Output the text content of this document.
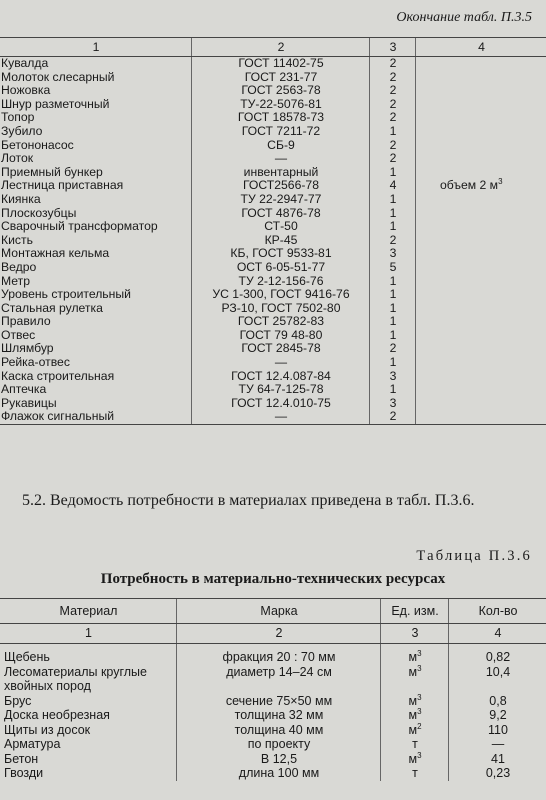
Окончание табл. П.3.5
1	2	3	4
Кувалда	ГОСТ 11402-75	2	
Молоток слесарный	ГОСТ 231-77	2	
Ножовка	ГОСТ 2563-78	2	
Шнур разметочный	ТУ-22-5076-81	2	
Топор	ГОСТ 18578-73	2	
Зубило	ГОСТ 7211-72	1	
Бетононасос	СБ-9	2	
Лоток	—	2	
Приемный бункер	инвентарный	1	
Лестница приставная	ГОСТ2566-78	4	объем 2 $м^3$
Киянка	ТУ 22-2947-77	1	
Плоскозубцы	ГОСТ 4876-78	1	
Сварочный трансформатор	СТ-50	1	
Кисть	КР-45	2	
Монтажная кельма	КБ, ГОСТ 9533-81	3	
Ведро	ОСТ 6-05-51-77	5	
Метр	ТУ 2-12-156-76	1	
Уровень строительный	УС 1-300, ГОСТ 9416-76	1	
Стальная рулетка	РЗ-10, ГОСТ 7502-80	1	
Правило	ГОСТ 25782-83	1	
Отвес	ГОСТ 79 48-80	1	
Шлямбур	ГОСТ 2845-78	2	
Рейка-отвес	—	1	
Каска строительная	ГОСТ 12.4.087-84	3	
Аптечка	ТУ 64-7-125-78	1	
Рукавицы	ГОСТ 12.4.010-75	3	
Флажок сигнальный	—	2	
5.2. Ведомость потребности в материалах приведена в табл. П.3.6.
Таблица П.3.6
Потребность в материально-технических ресурсах
Материал	Марка	Ед. изм.	Кол-во
1	2	3	4
Щебень	фракция 20 : 70 мм	$м^3$	0,82
Лесоматериалы круглые	диаметр 14–24 см	$м^3$	10,4
хвойных пород			
Брус	сечение 75×50 мм	$м^3$	0,8
Доска необрезная	толщина 32 мм	$м^3$	9,2
Щиты из досок	толщина 40 мм	$м^2$	110
Арматура	по проекту	т	—
Бетон	В 12,5	$м^3$	41
Гвозди	длина 100 мм	т	0,23
